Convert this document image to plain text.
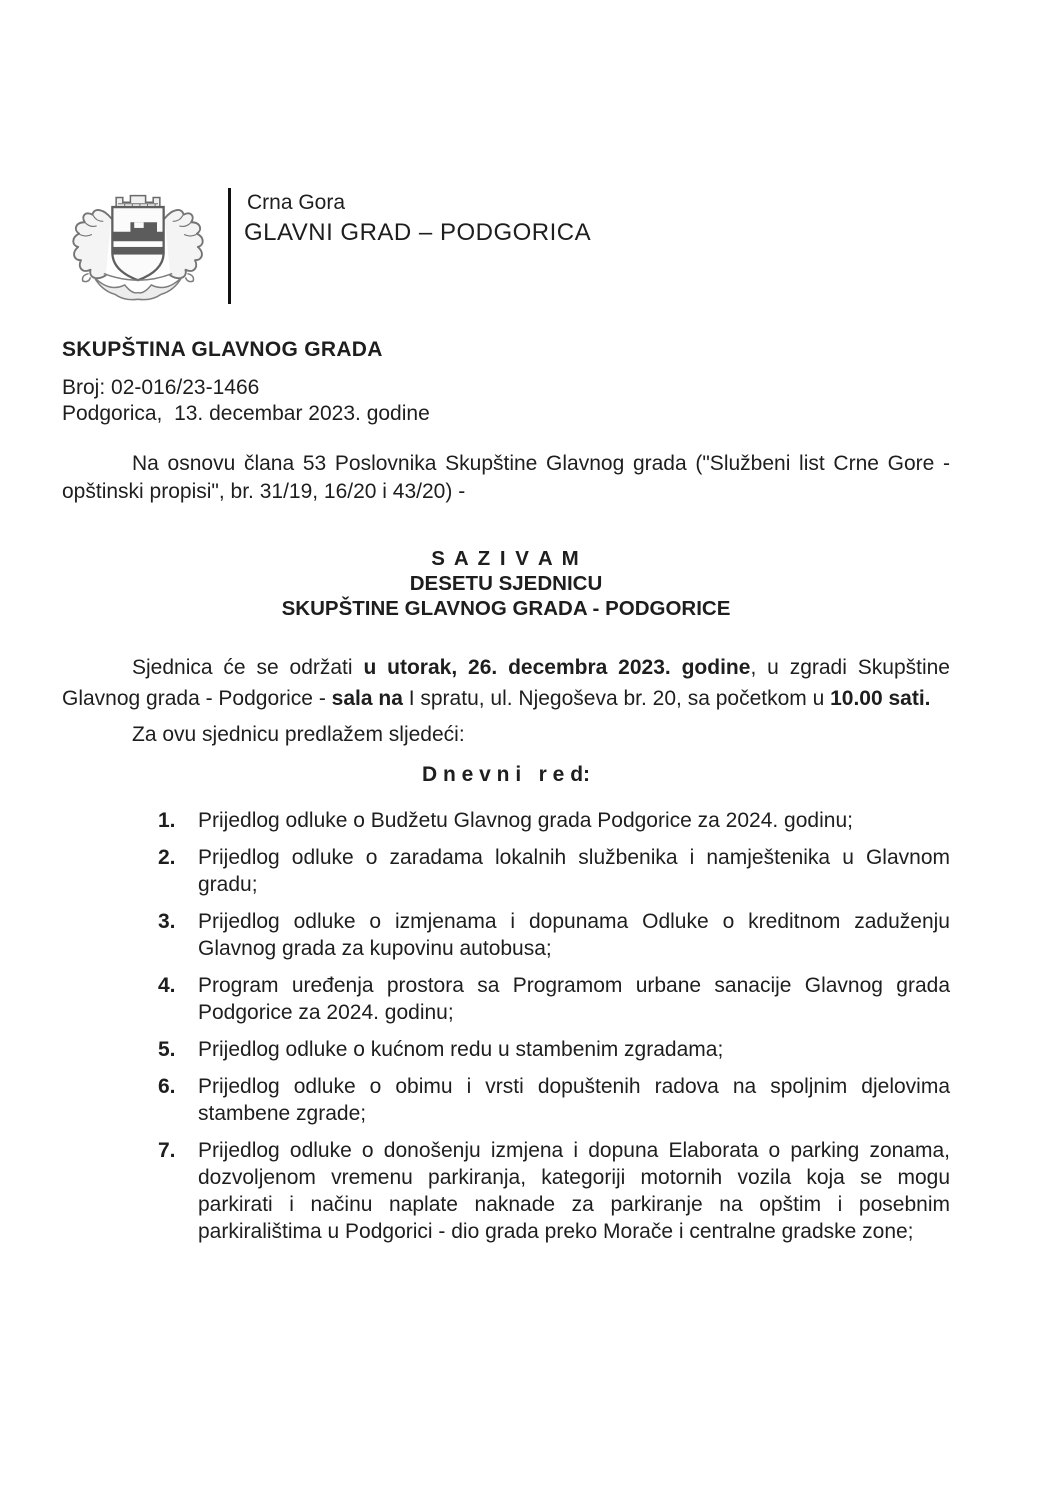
Crna Gora
GLAVNI GRAD – PODGORICA
SKUPŠTINA GLAVNOG GRADA
Broj: 02-016/23-1466
Podgorica,  13. decembar 2023. godine

Na osnovu člana 53 Poslovnika Skupštine Glavnog grada ("Službeni list Crne Gore - opštinski propisi", br. 31/19, 16/20 i 43/20) -

S A Z I V A M
DESETU SJEDNICU
SKUPŠTINE GLAVNOG GRADA - PODGORICE

Sjednica će se održati u utorak, 26. decembra 2023. godine, u zgradi Skupštine Glavnog grada - Podgorice - sala na I spratu, ul. Njegoševa br. 20, sa početkom u 10.00 sati.

Za ovu sjednicu predlažem sljedeći:

D n e v n i   r e d:
1.	Prijedlog odluke o Budžetu Glavnog grada Podgorice za 2024. godinu;
2.	Prijedlog odluke o zaradama lokalnih službenika i namještenika u Glavnom gradu;
3.	Prijedlog odluke o izmjenama i dopunama Odluke o kreditnom zaduženju Glavnog grada za kupovinu autobusa;
4.	Program uređenja prostora sa Programom urbane sanacije Glavnog grada Podgorice za 2024. godinu;
5.	Prijedlog odluke o kućnom redu u stambenim zgradama;
6.	Prijedlog odluke o obimu i vrsti dopuštenih radova na spoljnim djelovima stambene zgrade;
7.	Prijedlog odluke o donošenju izmjena i dopuna Elaborata o parking zonama, dozvoljenom vremenu parkiranja, kategoriji motornih vozila koja se mogu parkirati i načinu naplate naknade za parkiranje na opštim i posebnim parkiralištima u Podgorici - dio grada preko Morače i centralne gradske zone;
